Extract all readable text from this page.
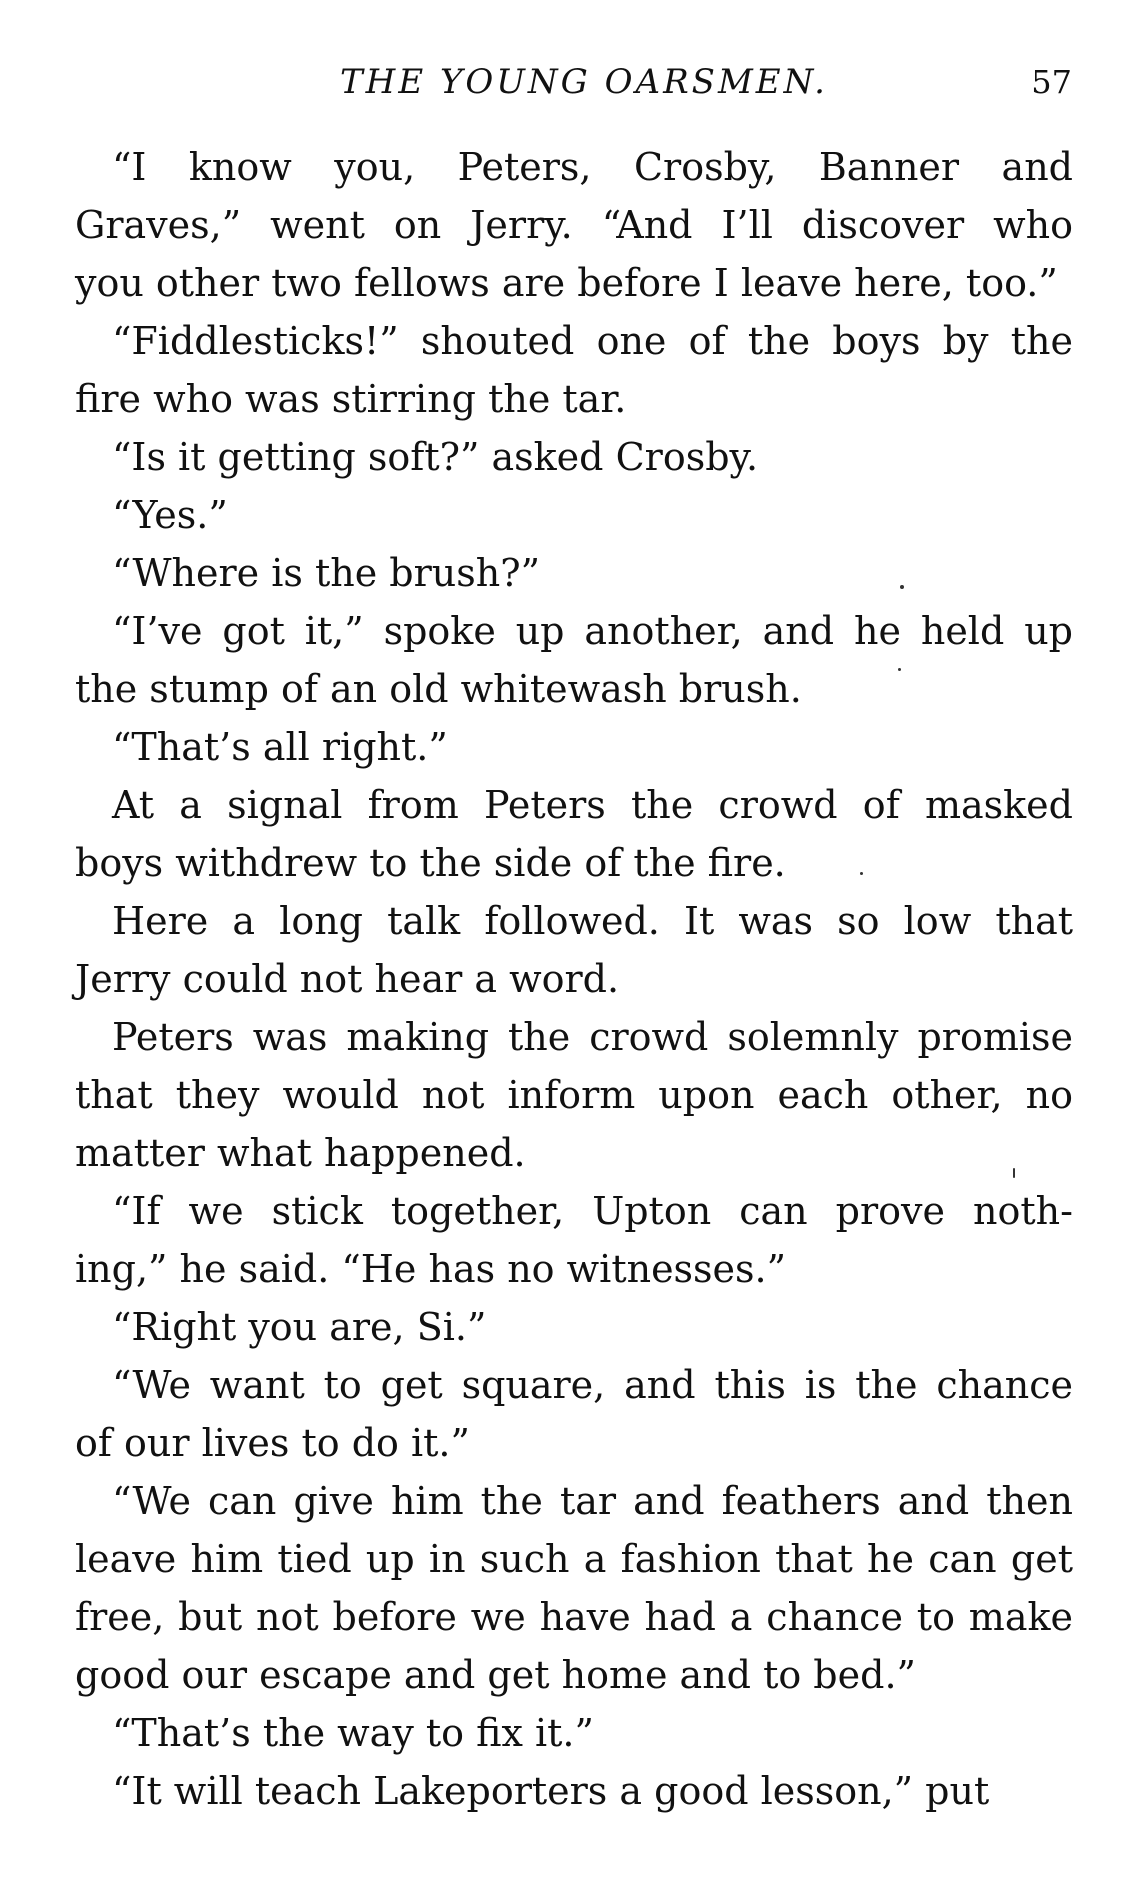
THE YOUNG OARSMEN.	57

“I know you, Peters, Crosby, Banner and
Graves,” went on Jerry. “And I’ll discover who
you other two fellows are before I leave here, too.”

“Fiddlesticks!” shouted one of the boys by the
fire who was stirring the tar.

“Is it getting soft?” asked Crosby.

“Yes.”

“Where is the brush?”

“I’ve got it,” spoke up another, and he held up
the stump of an old whitewash brush.

“That’s all right.”

At a signal from Peters the crowd of masked
boys withdrew to the side of the fire.

Here a long talk followed. It was so low that
Jerry could not hear a word.

Peters was making the crowd solemnly promise
that they would not inform upon each other, no
matter what happened.

“If we stick together, Upton can prove noth-
ing,” he said. “He has no witnesses.”

“Right you are, Si.”

“We want to get square, and this is the chance
of our lives to do it.”

“We can give him the tar and feathers and then
leave him tied up in such a fashion that he can get
free, but not before we have had a chance to make
good our escape and get home and to bed.”

“That’s the way to fix it.”

“It will teach Lakeporters a good lesson,” put
